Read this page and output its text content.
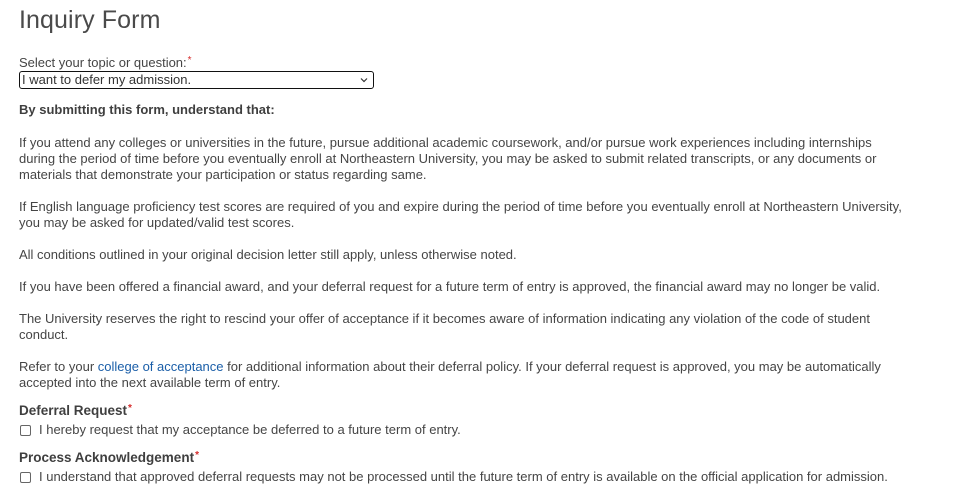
Inquiry Form
Select your topic or question:*
I want to defer my admission.
By submitting this form, understand that:

If you attend any colleges or universities in the future, pursue additional academic coursework, and/or pursue work experiences including internships during the period of time before you eventually enroll at Northeastern University, you may be asked to submit related transcripts, or any documents or materials that demonstrate your participation or status regarding same.

If English language proficiency test scores are required of you and expire during the period of time before you eventually enroll at Northeastern University, you may be asked for updated/valid test scores.

All conditions outlined in your original decision letter still apply, unless otherwise noted.

If you have been offered a financial award, and your deferral request for a future term of entry is approved, the financial award may no longer be valid.

The University reserves the right to rescind your offer of acceptance if it becomes aware of information indicating any violation of the code of student conduct.

Refer to your college of acceptance for additional information about their deferral policy. If your deferral request is approved, you may be automatically accepted into the next available term of entry.

Deferral Request*
I hereby request that my acceptance be deferred to a future term of entry.
Process Acknowledgement*
I understand that approved deferral requests may not be processed until the future term of entry is available on the official application for admission.
